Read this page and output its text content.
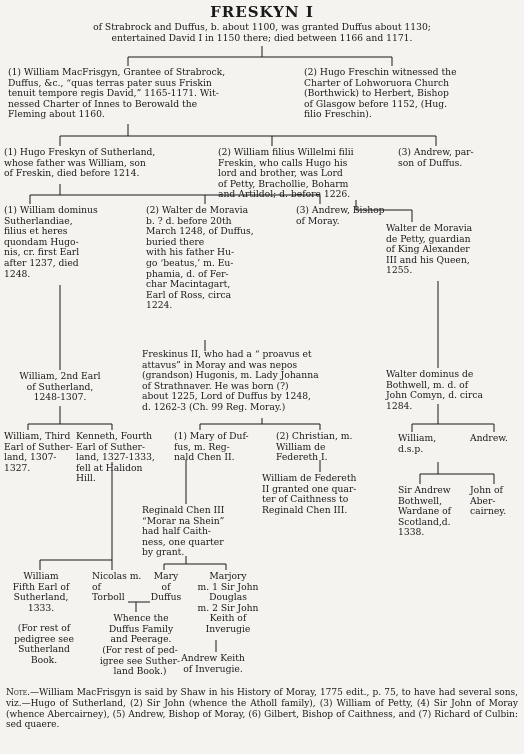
FRESKYN I
of Strabrock and Duffus, b. about 1100, was granted Duffus about 1130;
entertained David I in 1150 there; died between 1166 and 1171.
(1) William MacFrisgyn, Grantee of Strabrock,
Duffus, &c., “quas terras pater suus Friskin
tenuit tempore regis David,” 1165-1171. Wit-
nessed Charter of Innes to Berowald the
Fleming about 1160.
(2) Hugo Freschin witnessed the
Charter of Lohworuora Church
(Borthwick) to Herbert, Bishop
of Glasgow before 1152, (Hug.
filio Freschin).
(1) Hugo Freskyn of Sutherland,
whose father was William, son
of Freskin, died before 1214.
(2) William filius Willelmi filii
Freskin, who calls Hugo his
lord and brother, was Lord
of Petty, Brachollie, Boharm
and Artildol; d. before 1226.
(3) Andrew, par-
son of Duffus.
(1) William dominus
Sutherlandiae,
filius et heres
quondam Hugo-
nis, cr. first Earl
after 1237, died
1248.
(2) Walter de Moravia
b. ? d. before 20th
March 1248, of Duffus,
buried there
with his father Hu-
go ‘beatus,’ m. Eu-
phamia, d. of Fer-
char Macintagart,
Earl of Ross, circa
1224.
(3) Andrew, Bishop
of Moray.
Walter de Moravia
de Petty, guardian
of King Alexander
III and his Queen,
1255.
William, 2nd Earl
of Sutherland,
1248-1307.
Freskinus II, who had a “ proavus et
attavus” in Moray and was nepos
(grandson) Hugonis, m. Lady Johanna
of Strathnaver. He was born (?)
about 1225, Lord of Duffus by 1248,
d. 1262-3 (Ch. 99 Reg. Moray.)
Walter dominus de
Bothwell, m. d. of
John Comyn, d. circa
1284.
William, Third
Earl of Suther-
land, 1307-1327.
Kenneth, Fourth
Earl of Suther-
land, 1327-1333,
fell at Halidon
Hill.
(1) Mary of Duf-
fus, m. Reg-
nald Chen II.
(2) Christian, m.
William de
Federeth I.
William,
d.s.p.
Andrew.
Reginald Chen III
“Morar na Shein”
had half Caith-
ness, one quarter
by grant.
William de Federeth
II granted one quar-
ter of Caithness to
Reginald Chen III.
Sir Andrew
Bothwell,
Wardane of
Scotland,d.
1338.
John of
Aber-
cairney.
William
Fifth Earl of
Sutherland,
1333.
Nicolas m.
of
Torboll
Mary
of
Duffus
Marjory
m. 1 Sir John
Douglas
m. 2 Sir John
Keith of
Inverugie
Whence the
Duffus Family
and Peerage.
Andrew Keith
of Inverugie.
(For rest of
pedigree see
Sutherland
Book.
(For rest of ped-
igree see Suther-
land Book.)
Note.—William MacFrisgyn is said by Shaw in his History of Moray, 1775 edit., p. 75, to have had several sons, viz.—Hugo of Sutherland, (2) Sir John (whence the Atholl family), (3) William of Petty, (4) Sir John of Moray (whence Abercairney), (5) Andrew, Bishop of Moray, (6) Gilbert, Bishop of Caithness, and (7) Richard of Culbin: sed quaere.
